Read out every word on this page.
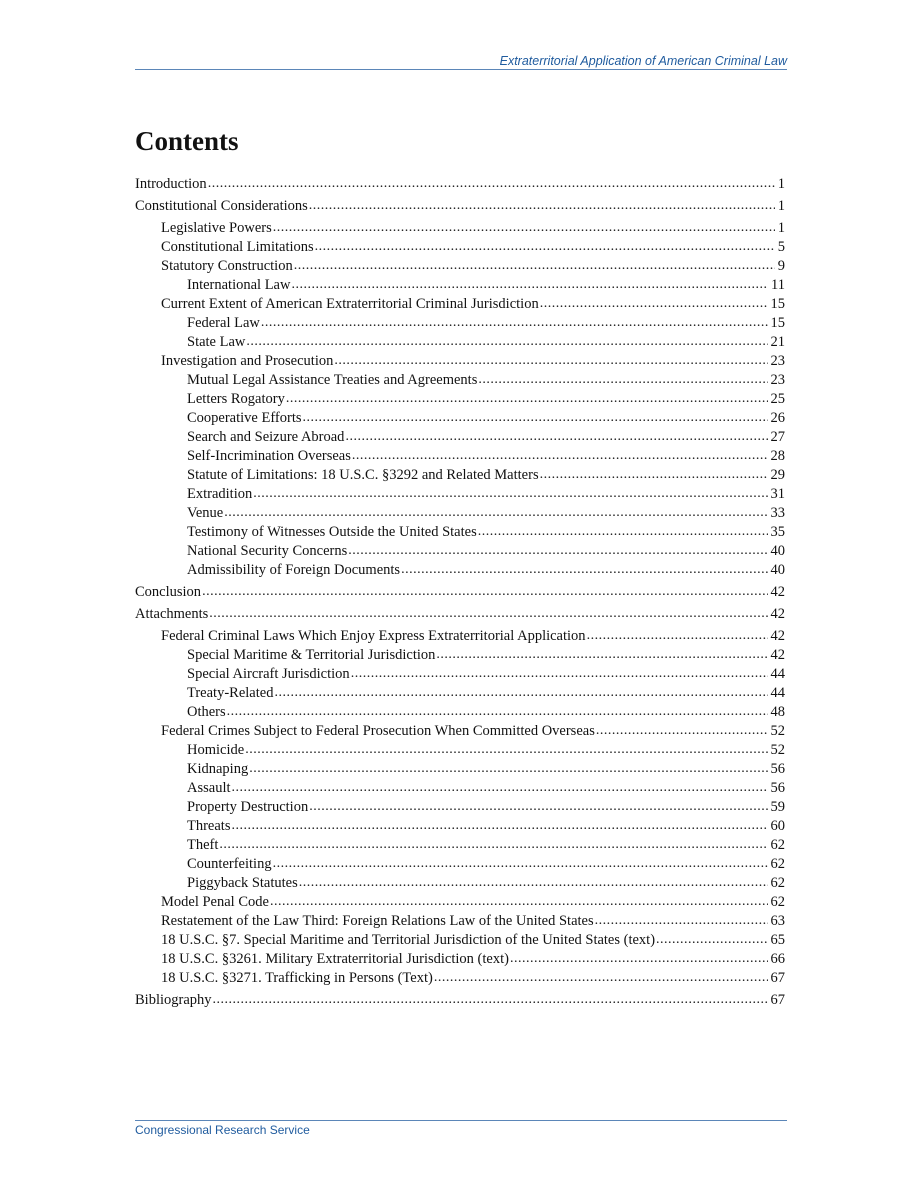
Extraterritorial Application of American Criminal Law
Contents
Introduction .....	1
Constitutional Considerations .....	1
Legislative Powers .....	1
Constitutional Limitations .....	5
Statutory Construction .....	9
International Law .....	11
Current Extent of American Extraterritorial Criminal Jurisdiction .....	15
Federal Law .....	15
State Law .....	21
Investigation and Prosecution .....	23
Mutual Legal Assistance Treaties and Agreements .....	23
Letters Rogatory .....	25
Cooperative Efforts .....	26
Search and Seizure Abroad .....	27
Self-Incrimination Overseas .....	28
Statute of Limitations: 18 U.S.C. §3292 and Related Matters .....	29
Extradition .....	31
Venue .....	33
Testimony of Witnesses Outside the United States .....	35
National Security Concerns .....	40
Admissibility of Foreign Documents .....	40
Conclusion .....	42
Attachments .....	42
Federal Criminal Laws Which Enjoy Express Extraterritorial Application .....	42
Special Maritime & Territorial Jurisdiction .....	42
Special Aircraft Jurisdiction .....	44
Treaty-Related .....	44
Others .....	48
Federal Crimes Subject to Federal Prosecution When Committed Overseas .....	52
Homicide .....	52
Kidnaping .....	56
Assault .....	56
Property Destruction .....	59
Threats .....	60
Theft .....	62
Counterfeiting .....	62
Piggyback Statutes .....	62
Model Penal Code .....	62
Restatement of the Law Third: Foreign Relations Law of the United States .....	63
18 U.S.C. §7. Special Maritime and Territorial Jurisdiction of the United States (text) .....	65
18 U.S.C. §3261. Military Extraterritorial Jurisdiction (text) .....	66
18 U.S.C. §3271. Trafficking in Persons (Text) .....	67
Bibliography .....	67
Congressional Research Service
